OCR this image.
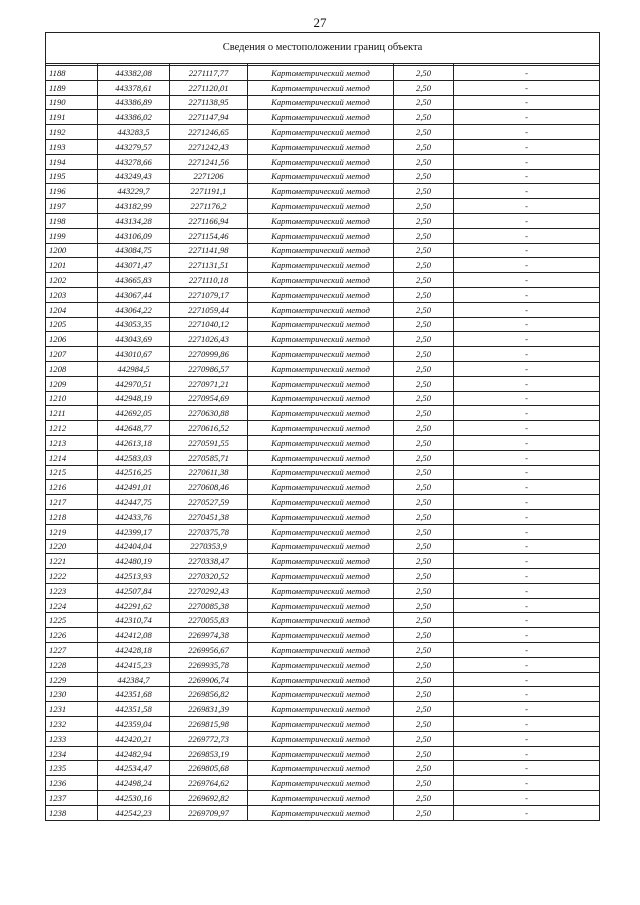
27
Сведения о местоположении границ объекта					

1188	443382,08	2271117,77	Картометрический метод	2,50	-
1189	443378,61	2271120,01	Картометрический метод	2,50	-
1190	443386,89	2271138,95	Картометрический метод	2,50	-
1191	443386,02	2271147,94	Картометрический метод	2,50	-
1192	443283,5	2271246,65	Картометрический метод	2,50	-
1193	443279,57	2271242,43	Картометрический метод	2,50	-
1194	443278,66	2271241,56	Картометрический метод	2,50	-
1195	443249,43	2271206	Картометрический метод	2,50	-
1196	443229,7	2271191,1	Картометрический метод	2,50	-
1197	443182,99	2271176,2	Картометрический метод	2,50	-
1198	443134,28	2271166,94	Картометрический метод	2,50	-
1199	443106,09	2271154,46	Картометрический метод	2,50	-
1200	443084,75	2271141,98	Картометрический метод	2,50	-
1201	443071,47	2271131,51	Картометрический метод	2,50	-
1202	443665,83	2271110,18	Картометрический метод	2,50	-
1203	443067,44	2271079,17	Картометрический метод	2,50	-
1204	443064,22	2271059,44	Картометрический метод	2,50	-
1205	443053,35	2271040,12	Картометрический метод	2,50	-
1206	443043,69	2271026,43	Картометрический метод	2,50	-
1207	443010,67	2270999,86	Картометрический метод	2,50	-
1208	442984,5	2270986,57	Картометрический метод	2,50	-
1209	442970,51	2270971,21	Картометрический метод	2,50	-
1210	442948,19	2270954,69	Картометрический метод	2,50	-
1211	442692,05	2270630,88	Картометрический метод	2,50	-
1212	442648,77	2270616,52	Картометрический метод	2,50	-
1213	442613,18	2270591,55	Картометрический метод	2,50	-
1214	442583,03	2270585,71	Картометрический метод	2,50	-
1215	442516,25	2270611,38	Картометрический метод	2,50	-
1216	442491,01	2270608,46	Картометрический метод	2,50	-
1217	442447,75	2270527,59	Картометрический метод	2,50	-
1218	442433,76	2270451,38	Картометрический метод	2,50	-
1219	442399,17	2270375,78	Картометрический метод	2,50	-
1220	442404,04	2270353,9	Картометрический метод	2,50	-
1221	442480,19	2270338,47	Картометрический метод	2,50	-
1222	442513,93	2270320,52	Картометрический метод	2,50	-
1223	442507,84	2270292,43	Картометрический метод	2,50	-
1224	442291,62	2270085,38	Картометрический метод	2,50	-
1225	442310,74	2270055,83	Картометрический метод	2,50	-
1226	442412,08	2269974,38	Картометрический метод	2,50	-
1227	442428,18	2269956,67	Картометрический метод	2,50	-
1228	442415,23	2269935,78	Картометрический метод	2,50	-
1229	442384,7	2269906,74	Картометрический метод	2,50	-
1230	442351,68	2269856,82	Картометрический метод	2,50	-
1231	442351,58	2269831,39	Картометрический метод	2,50	-
1232	442359,04	2269815,98	Картометрический метод	2,50	-
1233	442420,21	2269772,73	Картометрический метод	2,50	-
1234	442482,94	2269853,19	Картометрический метод	2,50	-
1235	442534,47	2269805,68	Картометрический метод	2,50	-
1236	442498,24	2269764,62	Картометрический метод	2,50	-
1237	442530,16	2269692,82	Картометрический метод	2,50	-
1238	442542,23	2269709,97	Картометрический метод	2,50	-
